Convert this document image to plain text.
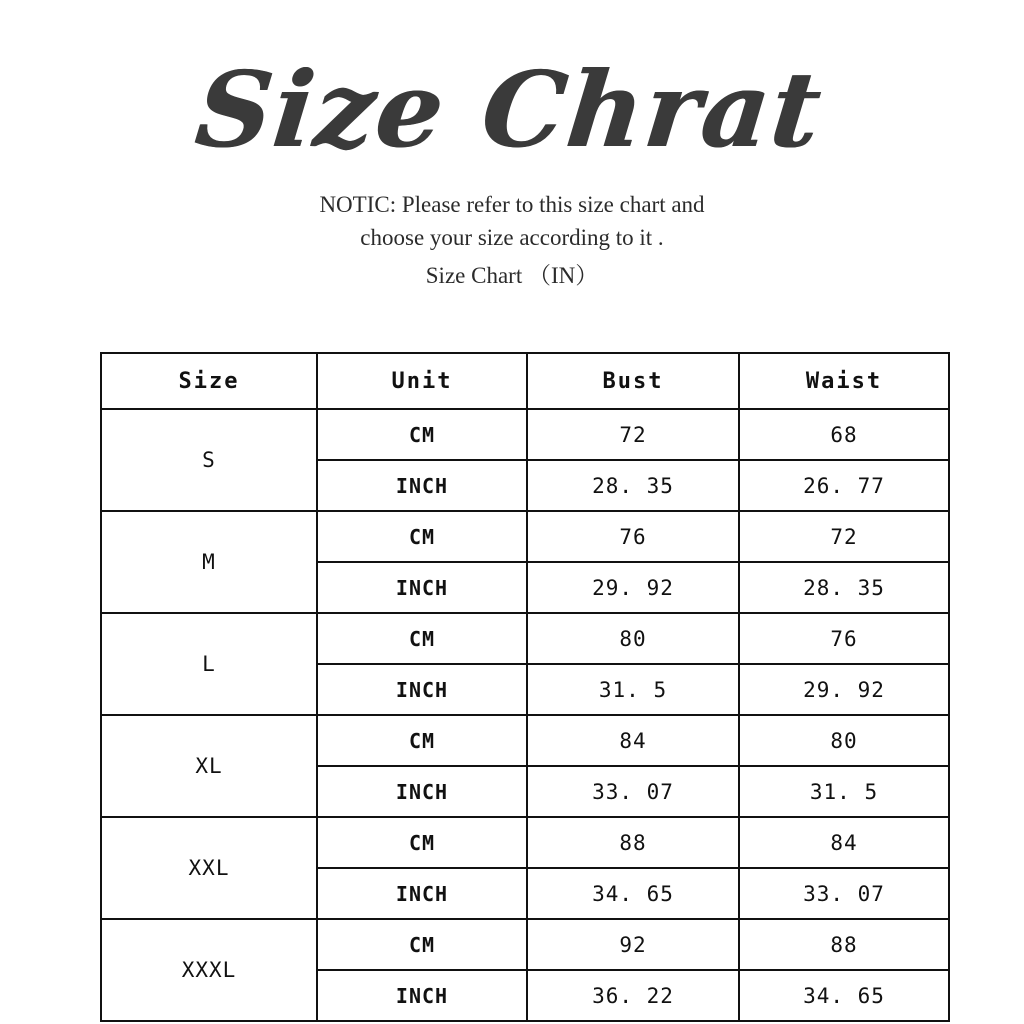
Size Chrat
NOTIC: Please refer to this size chart and
choose your size according to it .
Size Chart （IN）
Size	Unit	Bust	Waist
S	CM	72	68
	INCH	28. 35	26. 77
M	CM	76	72
	INCH	29. 92	28. 35
L	CM	80	76
	INCH	31. 5	29. 92
XL	CM	84	80
	INCH	33. 07	31. 5
XXL	CM	88	84
	INCH	34. 65	33. 07
XXXL	CM	92	88
	INCH	36. 22	34. 65
